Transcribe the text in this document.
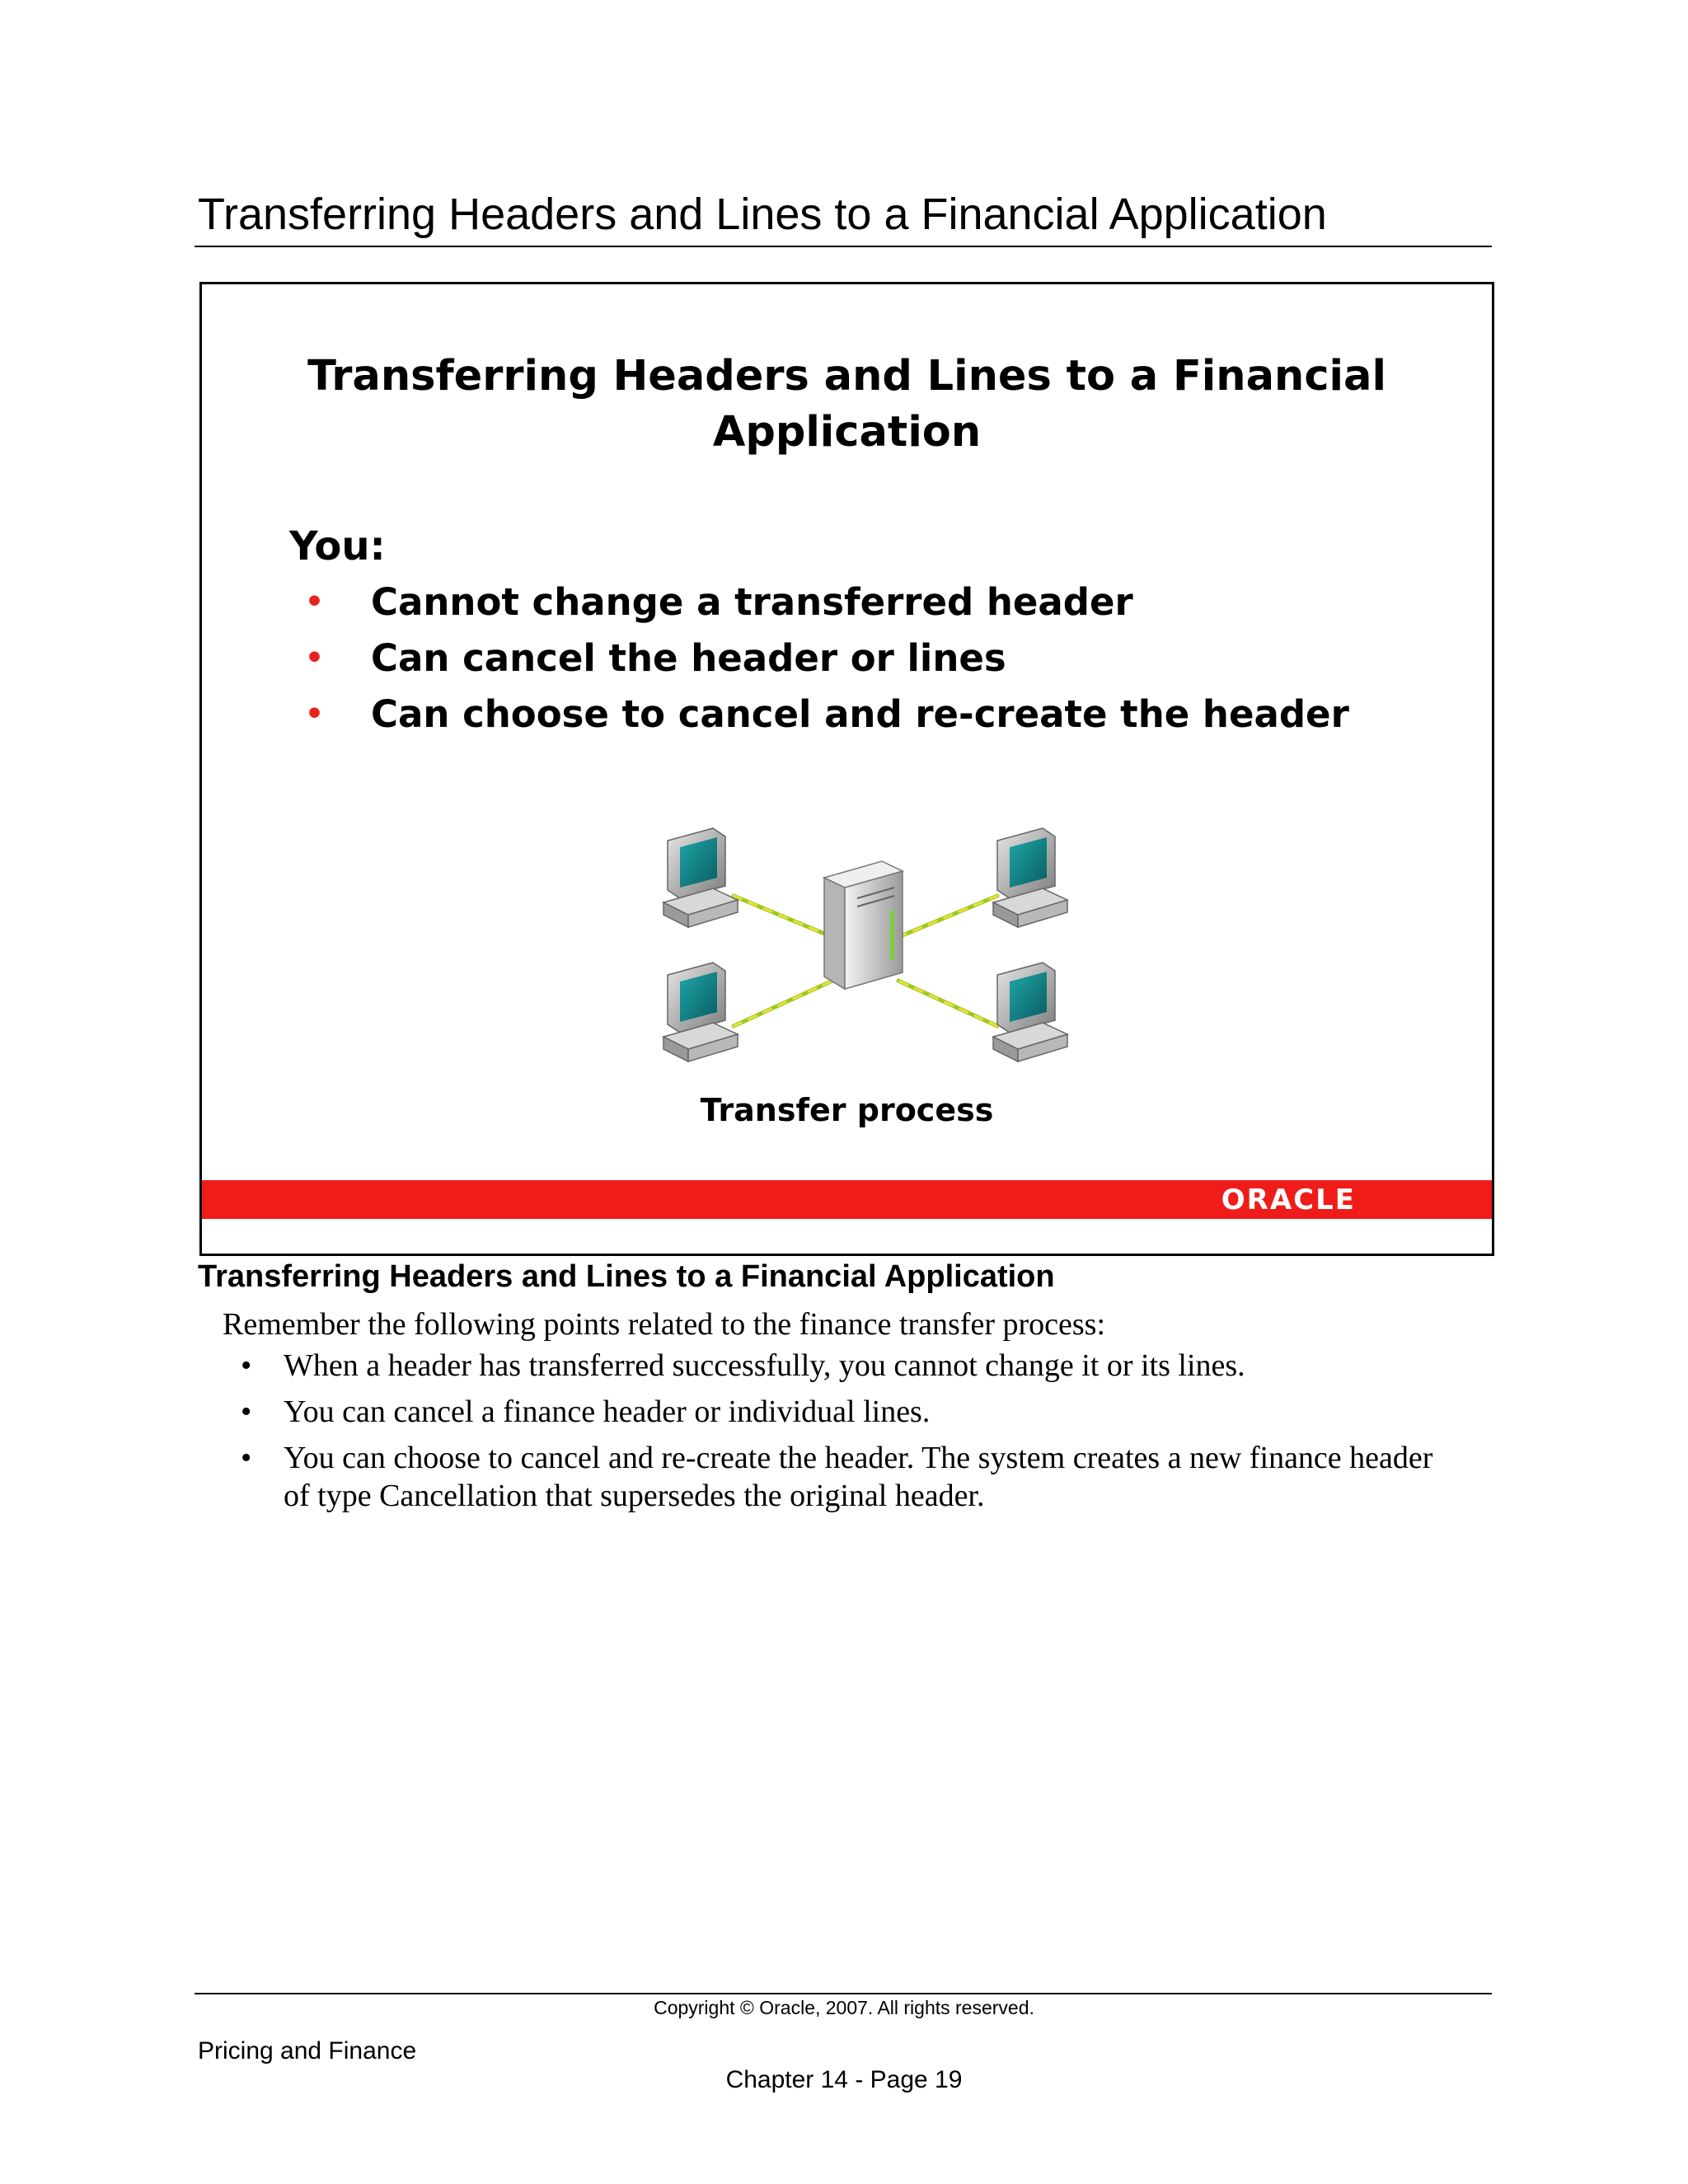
Transferring Headers and Lines to a Financial Application
Transferring Headers and Lines to a Financial
Application

You:

• Cannot change a transferred header
• Can cancel the header or lines
• Can choose to cancel and re-create the header

Transfer process

ORACLE
Transferring Headers and Lines to a Financial Application

Remember the following points related to the finance transfer process:

• When a header has transferred successfully, you cannot change it or its lines.
• You can cancel a finance header or individual lines.
• You can choose to cancel and re-create the header. The system creates a new finance header of type Cancellation that supersedes the original header.

Copyright © Oracle, 2007. All rights reserved.

Pricing and Finance

Chapter 14 - Page 19
